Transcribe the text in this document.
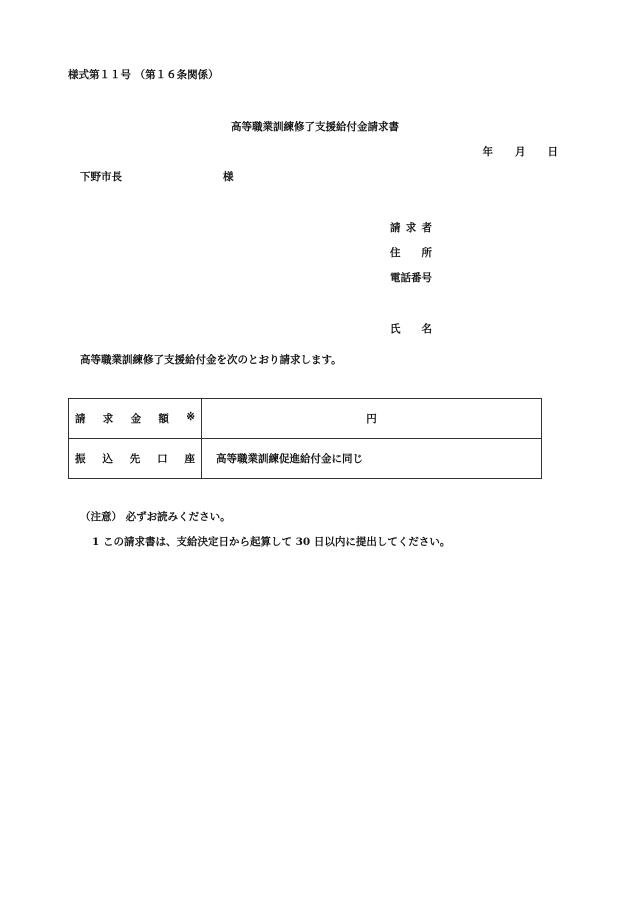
様式第１１号 （第１６条関係）
高等職業訓練修了支援給付金請求書
年 月 日
下野市長	様
請 求 者
住 所
電 話 番 号
氏 名
高等職業訓練修了支援給付金を次のとおり請求します。
請 求 金 額 ※	円

振 込 先 口 座	高等職業訓練促進給付金に同じ
（注意） 必ずお読みください。
1 この請求書は、支給決定日から起算して 30 日以内に提出してください。
